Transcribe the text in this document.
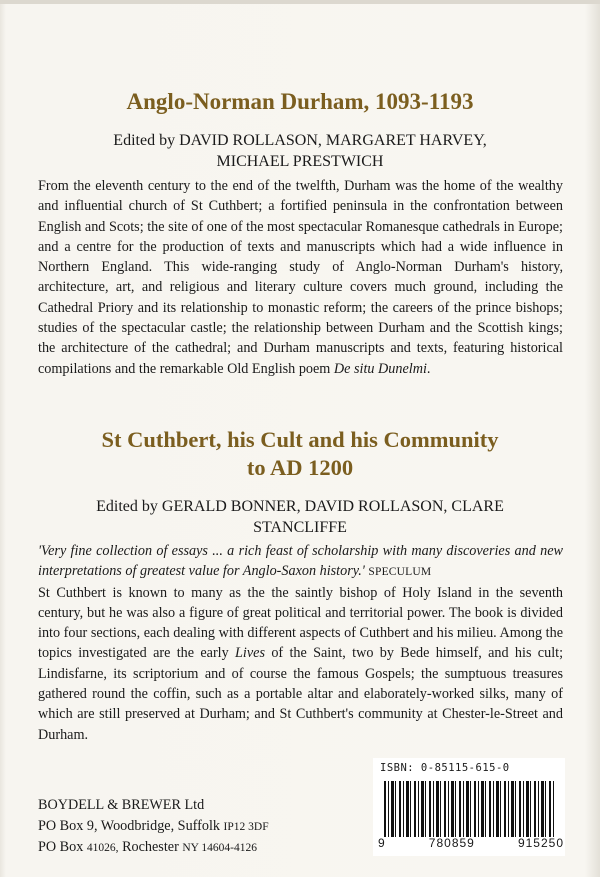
Anglo-Norman Durham, 1093-1193

Edited by DAVID ROLLASON, MARGARET HARVEY,
MICHAEL PRESTWICH

From the eleventh century to the end of the twelfth, Durham was the home of the wealthy and influential church of St Cuthbert; a fortified peninsula in the confrontation between English and Scots; the site of one of the most spectacular Romanesque cathedrals in Europe; and a centre for the production of texts and manuscripts which had a wide influence in Northern England. This wide-ranging study of Anglo-Norman Durham's history, architecture, art, and religious and literary culture covers much ground, including the Cathedral Priory and its relationship to monastic reform; the careers of the prince bishops; studies of the spectacular castle; the relationship between Durham and the Scottish kings; the architecture of the cathedral; and Durham manuscripts and texts, featuring historical compilations and the remarkable Old English poem De situ Dunelmi.

St Cuthbert, his Cult and his Community
to AD 1200

Edited by GERALD BONNER, DAVID ROLLASON, CLARE
STANCLIFFE

'Very fine collection of essays ... a rich feast of scholarship with many discoveries and new interpretations of greatest value for Anglo-Saxon history.' SPECULUM
St Cuthbert is known to many as the the saintly bishop of Holy Island in the seventh century, but he was also a figure of great political and territorial power. The book is divided into four sections, each dealing with different aspects of Cuthbert and his milieu. Among the topics investigated are the early Lives of the Saint, two by Bede himself, and his cult; Lindisfarne, its scriptorium and of course the famous Gospels; the sumptuous treasures gathered round the coffin, such as a portable altar and elaborately-worked silks, many of which are still preserved at Durham; and St Cuthbert's community at Chester-le-Street and Durham.

BOYDELL & BREWER Ltd
PO Box 9, Woodbridge, Suffolk IP12 3DF
PO Box 41026, Rochester NY 14604-4126

ISBN: 0-85115-615-0

9	780859	915250
